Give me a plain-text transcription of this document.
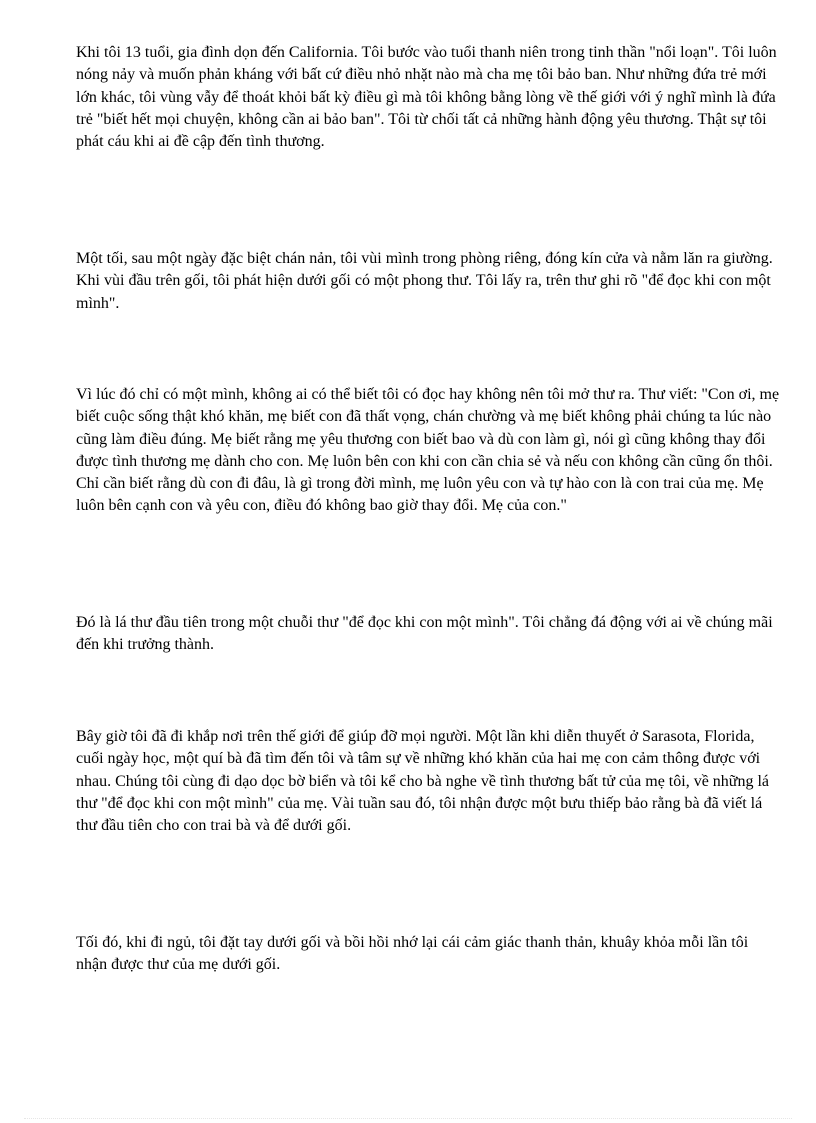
Khi tôi 13 tuổi, gia đình dọn đến California. Tôi bước vào tuổi thanh niên trong tinh thần "nổi loạn". Tôi luôn nóng nảy và muốn phản kháng với bất cứ điều nhỏ nhặt nào mà cha mẹ tôi bảo ban. Như những đứa trẻ mới lớn khác, tôi vùng vẫy để thoát khỏi bất kỳ điều gì mà tôi không bằng lòng về thế giới với ý nghĩ mình là đứa trẻ "biết hết mọi chuyện, không cần ai bảo ban". Tôi từ chối tất cả những hành động yêu thương. Thật sự tôi phát cáu khi ai đề cập đến tình thương.

Một tối, sau một ngày đặc biệt chán nản, tôi vùi mình trong phòng riêng, đóng kín cửa và nằm lăn ra giường. Khi vùi đầu trên gối, tôi phát hiện dưới gối có một phong thư. Tôi lấy ra, trên thư ghi rõ "để đọc khi con một mình".

Vì lúc đó chỉ có một mình, không ai có thể biết tôi có đọc hay không nên tôi mở thư ra. Thư viết: "Con ơi, mẹ biết cuộc sống thật khó khăn, mẹ biết con đã thất vọng, chán chường và mẹ biết không phải chúng ta lúc nào cũng làm điều đúng. Mẹ biết rằng mẹ yêu thương con biết bao và dù con làm gì, nói gì cũng không thay đổi được tình thương mẹ dành cho con. Mẹ luôn bên con khi con cần chia sẻ và nếu con không cần cũng ổn thôi. Chỉ cần biết rằng dù con đi đâu, là gì trong đời mình, mẹ luôn yêu con và tự hào con là con trai của mẹ. Mẹ luôn bên cạnh con và yêu con, điều đó không bao giờ thay đổi. Mẹ của con."

Đó là lá thư đầu tiên trong một chuỗi thư "để đọc khi con một mình". Tôi chẳng đá động với ai về chúng mãi đến khi trưởng thành.

Bây giờ tôi đã đi khắp nơi trên thế giới để giúp đỡ mọi người. Một lần khi diễn thuyết ở Sarasota, Florida, cuối ngày học, một quí bà đã tìm đến tôi và tâm sự về những khó khăn của hai mẹ con cảm thông được với nhau. Chúng tôi cùng đi dạo dọc bờ biển và tôi kể cho bà nghe về tình thương bất tử của mẹ tôi, về những lá thư "để đọc khi con một mình" của mẹ. Vài tuần sau đó, tôi nhận được một bưu thiếp bảo rằng bà đã viết lá thư đầu tiên cho con trai bà và để dưới gối.

Tối đó, khi đi ngủ, tôi đặt tay dưới gối và bồi hồi nhớ lại cái cảm giác thanh thản, khuây khỏa mỗi lần tôi nhận được thư của mẹ dưới gối.
